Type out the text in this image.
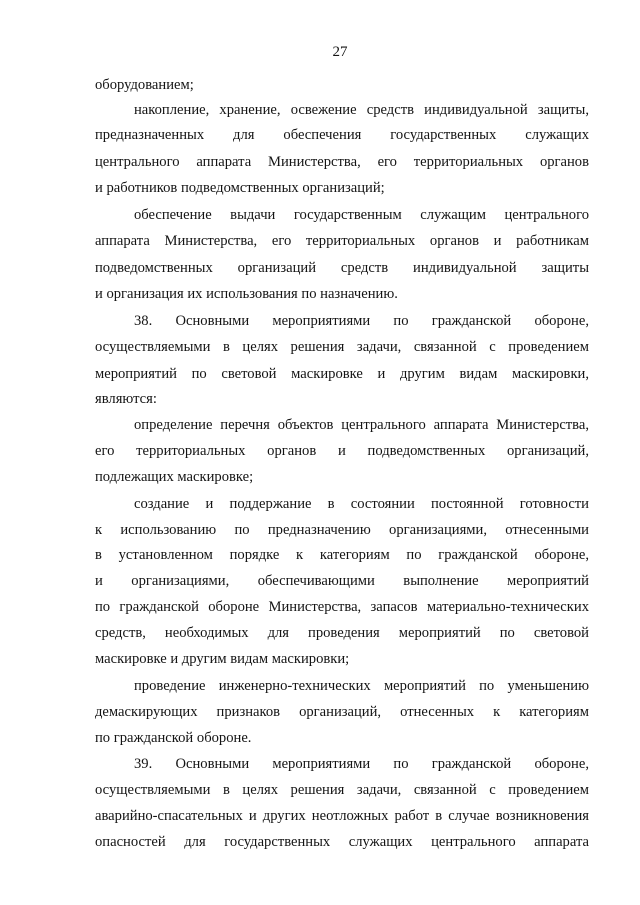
27
оборудованием;
накопление, хранение, освежение средств индивидуальной защиты,
предназначенных для обеспечения государственных служащих
центрального аппарата Министерства, его территориальных органов
и работников подведомственных организаций;
обеспечение выдачи государственным служащим центрального
аппарата Министерства, его территориальных органов и работникам
подведомственных организаций средств индивидуальной защиты
и организация их использования по назначению.
38. Основными мероприятиями по гражданской обороне,
осуществляемыми в целях решения задачи, связанной с проведением
мероприятий по световой маскировке и другим видам маскировки,
являются:
определение перечня объектов центрального аппарата Министерства,
его территориальных органов и подведомственных организаций,
подлежащих маскировке;
создание и поддержание в состоянии постоянной готовности
к использованию по предназначению организациями, отнесенными
в установленном порядке к категориям по гражданской обороне,
и организациями, обеспечивающими выполнение мероприятий
по гражданской обороне Министерства, запасов материально-технических
средств, необходимых для проведения мероприятий по световой
маскировке и другим видам маскировки;
проведение инженерно-технических мероприятий по уменьшению
демаскирующих признаков организаций, отнесенных к категориям
по гражданской обороне.
39. Основными мероприятиями по гражданской обороне,
осуществляемыми в целях решения задачи, связанной с проведением
аварийно-спасательных и других неотложных работ в случае возникновения
опасностей для государственных служащих центрального аппарата
